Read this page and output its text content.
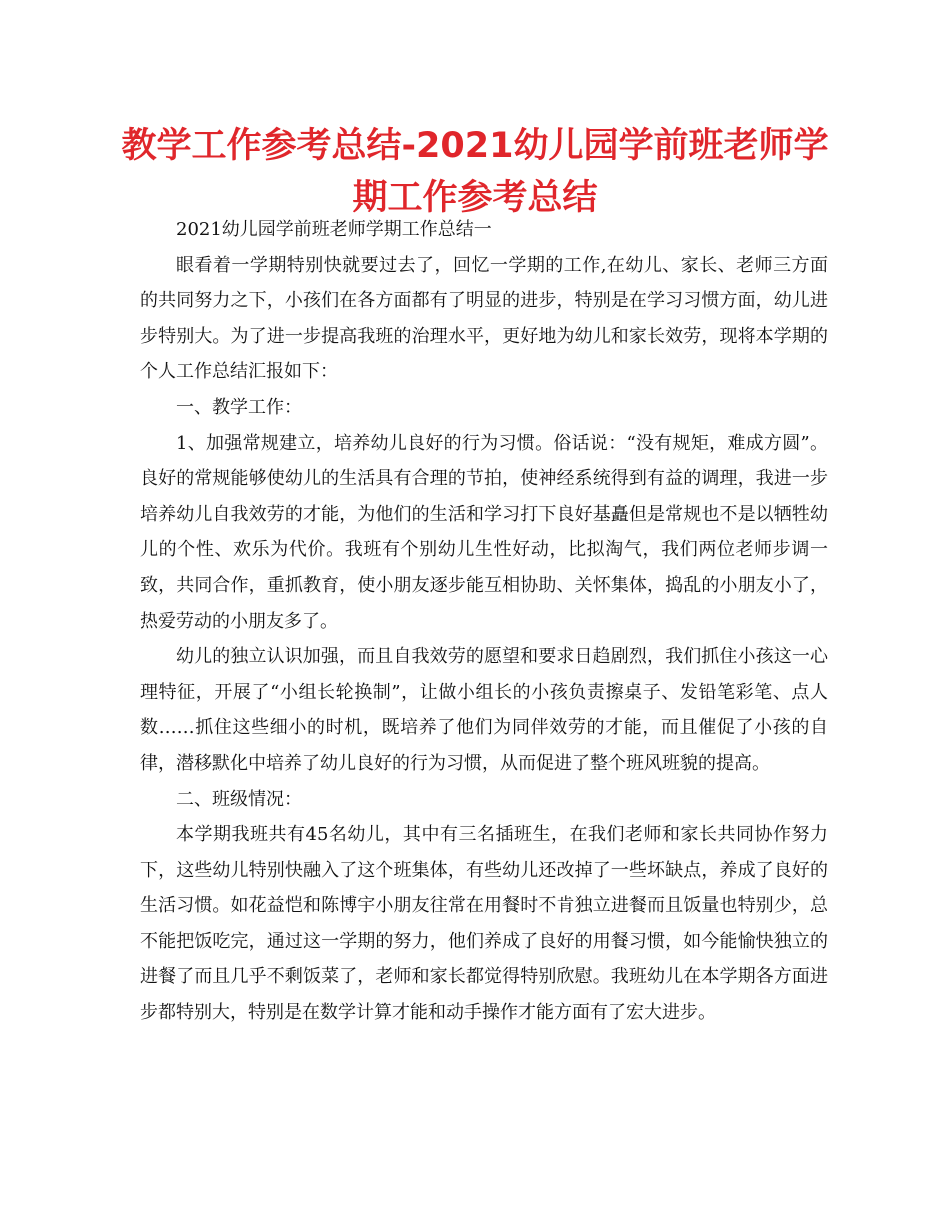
教学工作参考总结-2021幼儿园学前班老师学期工作参考总结

2021幼儿园学前班老师学期工作总结一

眼看着一学期特别快就要过去了，回忆一学期的工作,在幼儿、家长、老师三方面的共同努力之下，小孩们在各方面都有了明显的进步，特别是在学习习惯方面，幼儿进步特别大。为了进一步提高我班的治理水平，更好地为幼儿和家长效劳，现将本学期的个人工作总结汇报如下：

一、教学工作：

1、加强常规建立，培养幼儿良好的行为习惯。俗话说：“没有规矩，难成方圆”。良好的常规能够使幼儿的生活具有合理的节拍，使神经系统得到有益的调理，我进一步培养幼儿自我效劳的才能，为他们的生活和学习打下良好基矗但是常规也不是以牺牲幼儿的个性、欢乐为代价。我班有个别幼儿生性好动，比拟淘气，我们两位老师步调一致，共同合作，重抓教育，使小朋友逐步能互相协助、关怀集体，捣乱的小朋友小了，热爱劳动的小朋友多了。

幼儿的独立认识加强，而且自我效劳的愿望和要求日趋剧烈，我们抓住小孩这一心理特征，开展了“小组长轮换制”，让做小组长的小孩负责擦桌子、发铅笔彩笔、点人数……抓住这些细小的时机，既培养了他们为同伴效劳的才能，而且催促了小孩的自律，潜移默化中培养了幼儿良好的行为习惯，从而促进了整个班风班貌的提高。

二、班级情况：

本学期我班共有45名幼儿，其中有三名插班生，在我们老师和家长共同协作努力下，这些幼儿特别快融入了这个班集体，有些幼儿还改掉了一些坏缺点，养成了良好的生活习惯。如花益恺和陈博宇小朋友往常在用餐时不肯独立进餐而且饭量也特别少，总不能把饭吃完，通过这一学期的努力，他们养成了良好的用餐习惯，如今能愉快独立的进餐了而且几乎不剩饭菜了，老师和家长都觉得特别欣慰。我班幼儿在本学期各方面进步都特别大，特别是在数学计算才能和动手操作才能方面有了宏大进步。
